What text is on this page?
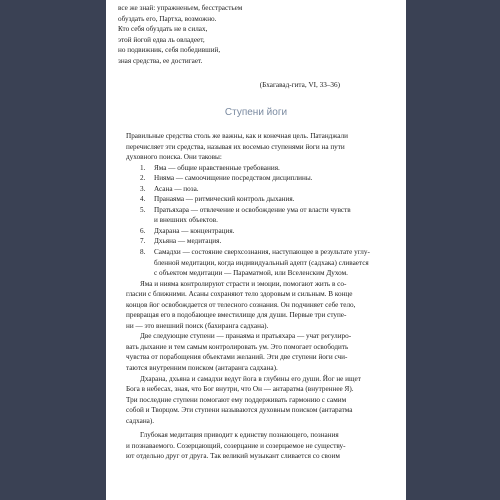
все же знай: упражненьем, бесстрастьем
обуздать его, Партха, возможно.
Кто себя обуздать не в силах,
этой йогой едва ль овладеет,
но подвижник, себя победивший,
зная средства, ее достигает.
(Бхагавад-гита, VI, 33–36)
Ступени йоги
Правильные средства столь же важны, как и конечная цель. Патанджали
перечисляет эти средства, называя их восемью ступенями йоги на пути
духовного поиска. Они таковы:
1. Яма — общие нравственные требования.
2. Нияма — самоочищение посредством дисциплины.
3. Асана — поза.
4. Пранаяма — ритмический контроль дыхания.
5. Пратьяхара — отвлечение и освобождение ума от власти чувств
и внешних объектов.
6. Дхарана — концентрация.
7. Дхьяна — медитация.
8. Самадхи — состояние сверхсознания, наступающее в результате углу-
бленной медитации, когда индивидуальный адепт (садхака) сливается
с объектом медитации — Параматмой, или Вселенским Духом.
Яма и нияма контролируют страсти и эмоции, помогают жить в со-
гласии с ближними. Асаны сохраняют тело здоровым и сильным. В конце
концов йог освобождается от телесного сознания. Он подчиняет себе тело,
превращая его в подобающее вместилище для души. Первые три ступе-
ни — это внешний поиск (бахиранга садхана).
Две следующие ступени — пранаяма и пратьяхара — учат регулиро-
вать дыхание и тем самым контролировать ум. Это помогает освободить
чувства от порабощения объектами желаний. Эти две ступени йоги счи-
таются внутренним поиском (антаранга садхана).
Дхарана, дхьяна и самадхи ведут йога в глубины его души. Йог не ищет
Бога в небесах, зная, что Бог внутри, что Он — антаратма (внутреннее Я).
Три последние ступени помогают ему поддерживать гармонию с самим
собой и Творцом. Эти ступени называются духовным поиском (антаратма
садхана).
Глубокая медитация приводит к единству познающего, познания
и познаваемого. Созерцающий, созерцание и созерцаемое не существу-
ют отдельно друг от друга. Так великий музыкант сливается со своим
